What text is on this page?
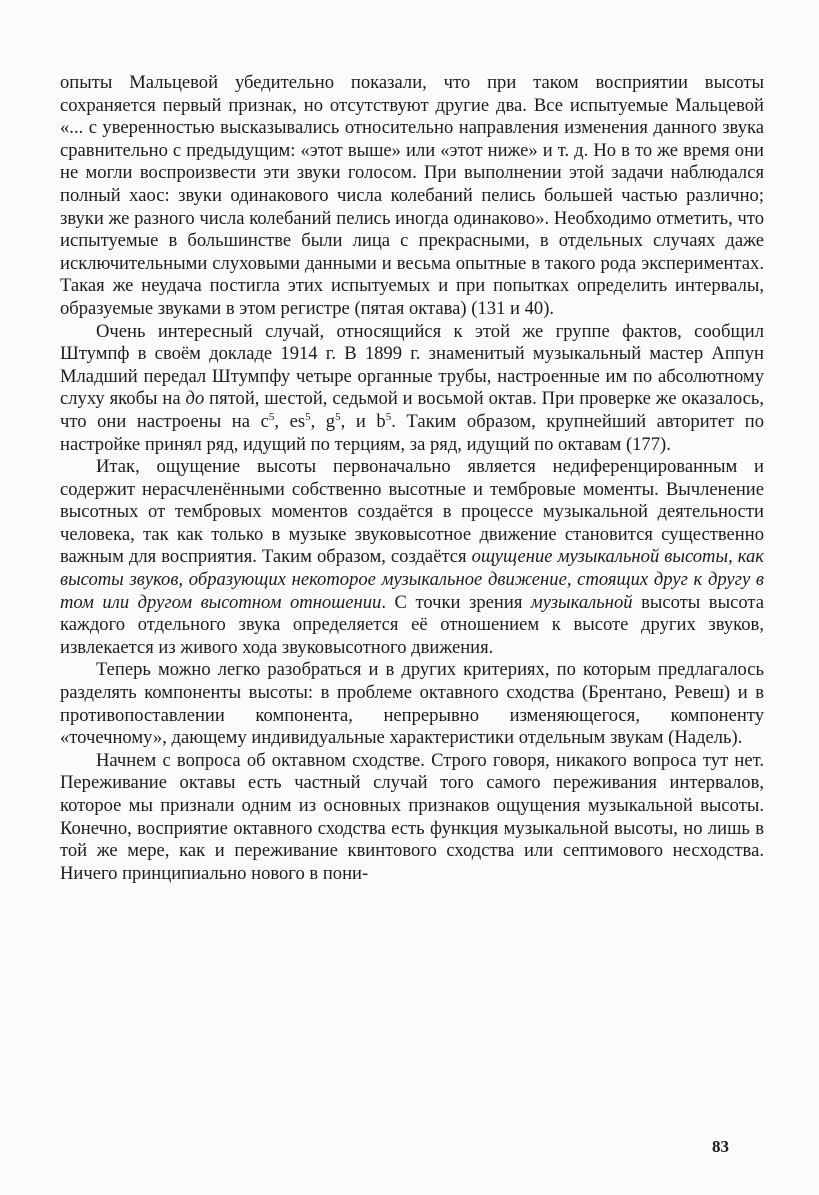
опыты Мальцевой убедительно показали, что при таком восприятии высоты сохраняется первый признак, но отсутствуют другие два. Все испытуемые Мальцевой «... с уверенностью высказывались относительно направления изменения данного звука сравнительно с предыдущим: «этот выше» или «этот ниже» и т. д. Но в то же время они не могли воспроизвести эти звуки голосом. При выполнении этой задачи наблюдался полный хаос: звуки одинакового числа колебаний пелись большей частью различно; звуки же разного числа колебаний пелись иногда одинаково». Необходимо отметить, что испытуемые в большинстве были лица с прекрасными, в отдельных случаях даже исключительными слуховыми данными и весьма опытные в такого рода экспериментах. Такая же неудача постигла этих испытуемых и при попытках определить интервалы, образуемые звуками в этом регистре (пятая октава) (131 и 40).

Очень интересный случай, относящийся к этой же группе фактов, сообщил Штумпф в своём докладе 1914 г. В 1899 г. знаменитый музыкальный мастер Аппун Младший передал Штумпфу четыре органные трубы, настроенные им по абсолютному слуху якобы на до пятой, шестой, седьмой и восьмой октав. При проверке же оказалось, что они настроены на $c^5$, $es^5$, $g^5$, и $b^5$. Таким образом, крупнейший авторитет по настройке принял ряд, идущий по терциям, за ряд, идущий по октавам (177).

Итак, ощущение высоты первоначально является недиференцированным и содержит нерасчленёнными собственно высотные и тембровые моменты. Вычленение высотных от тембровых моментов создаётся в процессе музыкальной деятельности человека, так как только в музыке звуковысотное движение становится существенно важным для восприятия. Таким образом, создаётся ощущение музыкальной высоты, как высоты звуков, образующих некоторое музыкальное движение, стоящих друг к другу в том или другом высотном отношении. С точки зрения музыкальной высоты высота каждого отдельного звука определяется её отношением к высоте других звуков, извлекается из живого хода звуковысотного движения.

Теперь можно легко разобраться и в других критериях, по которым предлагалось разделять компоненты высоты: в проблеме октавного сходства (Брентано, Ревеш) и в противопоставлении компонента, непрерывно изменяющегося, компоненту «точечному», дающему индивидуальные характеристики отдельным звукам (Надель).

Начнем с вопроса об октавном сходстве. Строго говоря, никакого вопроса тут нет. Переживание октавы есть частный случай того самого переживания интервалов, которое мы признали одним из основных признаков ощущения музыкальной высоты. Конечно, восприятие октавного сходства есть функция музыкальной высоты, но лишь в той же мере, как и переживание квинтового сходства или септимового несходства. Ничего принципиально нового в пони-

83
